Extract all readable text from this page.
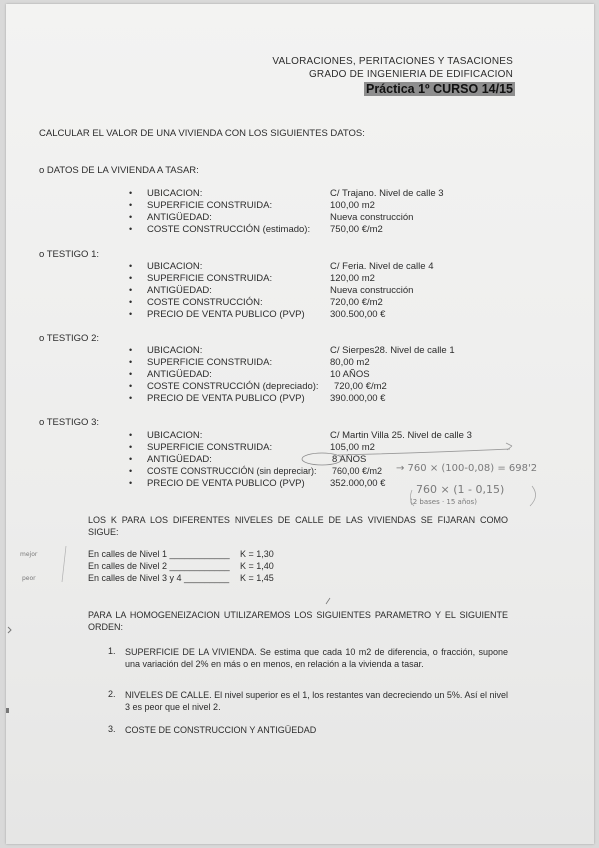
VALORACIONES, PERITACIONES Y TASACIONES
GRADO DE INGENIERIA DE EDIFICACION
Práctica 1º CURSO 14/15
CALCULAR EL VALOR DE UNA VIVIENDA CON LOS SIGUIENTES DATOS:
o DATOS DE LA VIVIENDA A TASAR:
• UBICACION:	C/ Trajano. Nivel de calle 3
• SUPERFICIE CONSTRUIDA:	100,00 m2
• ANTIGÜEDAD:	Nueva construcción
• COSTE CONSTRUCCIÓN (estimado): 750,00 €/m2
o TESTIGO 1:
• UBICACION:	C/ Feria. Nivel de calle 4
• SUPERFICIE CONSTRUIDA:	120,00 m2
• ANTIGÜEDAD:	Nueva construcción
• COSTE CONSTRUCCIÓN:	720,00 €/m2
• PRECIO DE VENTA PUBLICO (PVP)	300.500,00 €
o TESTIGO 2:
• UBICACION:	C/ Sierpes28. Nivel de calle 1
• SUPERFICIE CONSTRUIDA:	80,00 m2
• ANTIGÜEDAD:	10 AÑOS
• COSTE CONSTRUCCIÓN (depreciado): 720,00 €/m2
• PRECIO DE VENTA PUBLICO (PVP)	390.000,00 €
o TESTIGO 3:
• UBICACION:	C/ Martin Villa 25. Nivel de calle 3
• SUPERFICIE CONSTRUIDA:	105,00 m2
• ANTIGÜEDAD:	8 AÑOS
• COSTE CONSTRUCCIÓN (sin depreciar): 760,00 €/m2
• PRECIO DE VENTA PUBLICO (PVP)	352.000,00 €
→ 760 × (100-0,08) = 698'2
760 × (1 - 0,15)
(2 bases · 15 años)
mejor
peor
LOS K PARA LOS DIFERENTES NIVELES DE CALLE DE LAS VIVIENDAS SE FIJARAN COMO SIGUE:
En calles de Nivel 1 ____________ K = 1,30
En calles de Nivel 2 ____________ K = 1,40
En calles de Nivel 3 y 4 _________ K = 1,45
PARA LA HOMOGENEIZACION UTILIZAREMOS LOS SIGUIENTES PARAMETRO Y EL SIGUIENTE ORDEN:
1. SUPERFICIE DE LA VIVIENDA. Se estima que cada 10 m2 de diferencia, o fracción, supone una variación del 2% en más o en menos, en relación a la vivienda a tasar.
2. NIVELES DE CALLE. El nivel superior es el 1, los restantes van decreciendo un 5%. Así el nivel 3 es peor que el nivel 2.
3. COSTE DE CONSTRUCCION Y ANTIGÜEDAD
